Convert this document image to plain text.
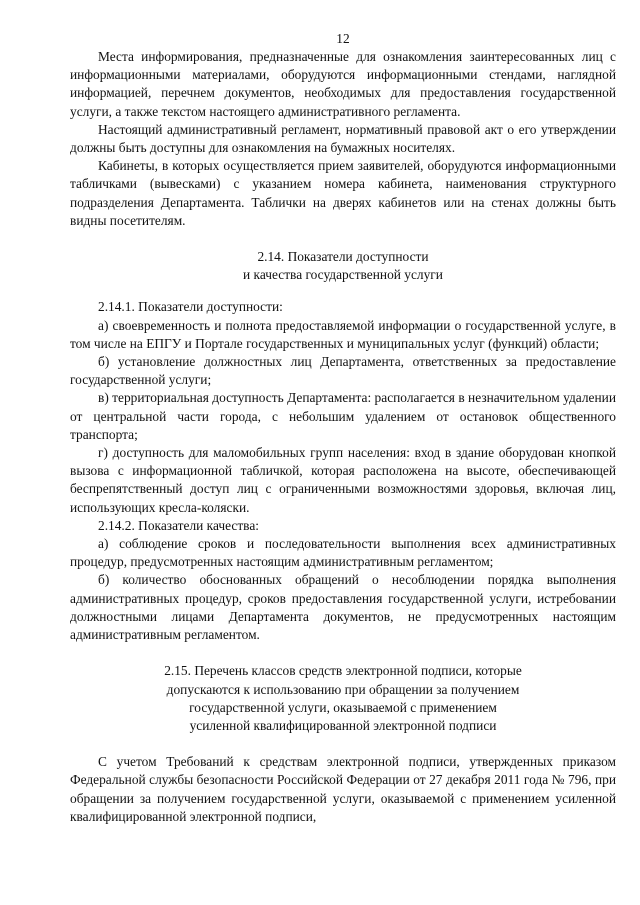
12

Места информирования, предназначенные для ознакомления заинтересованных лиц с информационными материалами, оборудуются информационными стендами, наглядной информацией, перечнем документов, необходимых для предоставления государственной услуги, а также текстом настоящего административного регламента.

Настоящий административный регламент, нормативный правовой акт о его утверждении должны быть доступны для ознакомления на бумажных носителях.

Кабинеты, в которых осуществляется прием заявителей, оборудуются информационными табличками (вывесками) с указанием номера кабинета, наименования структурного подразделения Департамента. Таблички на дверях кабинетов или на стенах должны быть видны посетителям.

2.14. Показатели доступности
и качества государственной услуги

2.14.1. Показатели доступности:

а) своевременность и полнота предоставляемой информации о государственной услуге, в том числе на ЕПГУ и Портале государственных и муниципальных услуг (функций) области;

б) установление должностных лиц Департамента, ответственных за предоставление государственной услуги;

в) территориальная доступность Департамента: располагается в незначительном удалении от центральной части города, с небольшим удалением от остановок общественного транспорта;

г) доступность для маломобильных групп населения: вход в здание оборудован кнопкой вызова с информационной табличкой, которая расположена на высоте, обеспечивающей беспрепятственный доступ лиц с ограниченными возможностями здоровья, включая лиц, использующих кресла-коляски.

2.14.2. Показатели качества:

а) соблюдение сроков и последовательности выполнения всех административных процедур, предусмотренных настоящим административным регламентом;

б) количество обоснованных обращений о несоблюдении порядка выполнения административных процедур, сроков предоставления государственной услуги, истребовании должностными лицами Департамента документов, не предусмотренных настоящим административным регламентом.

2.15. Перечень классов средств электронной подписи, которые
допускаются к использованию при обращении за получением
государственной услуги, оказываемой с применением
усиленной квалифицированной электронной подписи

С учетом Требований к средствам электронной подписи, утвержденных приказом Федеральной службы безопасности Российской Федерации от 27 декабря 2011 года № 796, при обращении за получением государственной услуги, оказываемой с применением усиленной квалифицированной электронной подписи,
